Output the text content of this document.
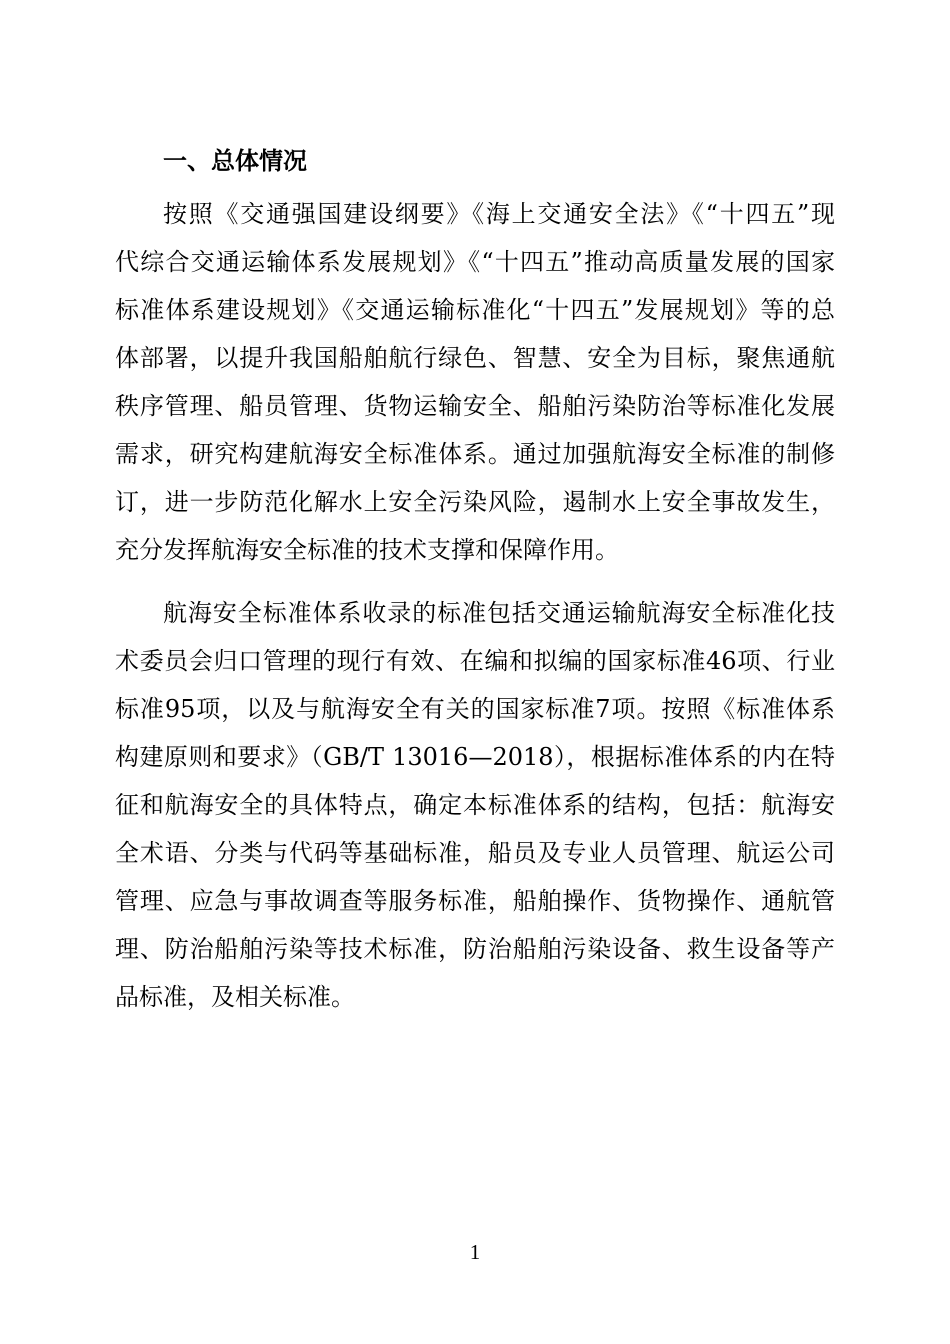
一、总体情况
按照《交通强国建设纲要》《海上交通安全法》《“十四五”现
代综合交通运输体系发展规划》《“十四五”推动高质量发展的国家
标准体系建设规划》《交通运输标准化“十四五”发展规划》等的总
体部署，以提升我国船舶航行绿色、智慧、安全为目标，聚焦通航
秩序管理、船员管理、货物运输安全、船舶污染防治等标准化发展
需求，研究构建航海安全标准体系。通过加强航海安全标准的制修
订，进一步防范化解水上安全污染风险，遏制水上安全事故发生，
充分发挥航海安全标准的技术支撑和保障作用。
航海安全标准体系收录的标准包括交通运输航海安全标准化技
术委员会归口管理的现行有效、在编和拟编的国家标准46项、行业
标准95项，以及与航海安全有关的国家标准7项。按照《标准体系
构建原则和要求》（GB/T 13016—2018），根据标准体系的内在特
征和航海安全的具体特点，确定本标准体系的结构，包括：航海安
全术语、分类与代码等基础标准，船员及专业人员管理、航运公司
管理、应急与事故调查等服务标准，船舶操作、货物操作、通航管
理、防治船舶污染等技术标准，防治船舶污染设备、救生设备等产
品标准，及相关标准。
1
